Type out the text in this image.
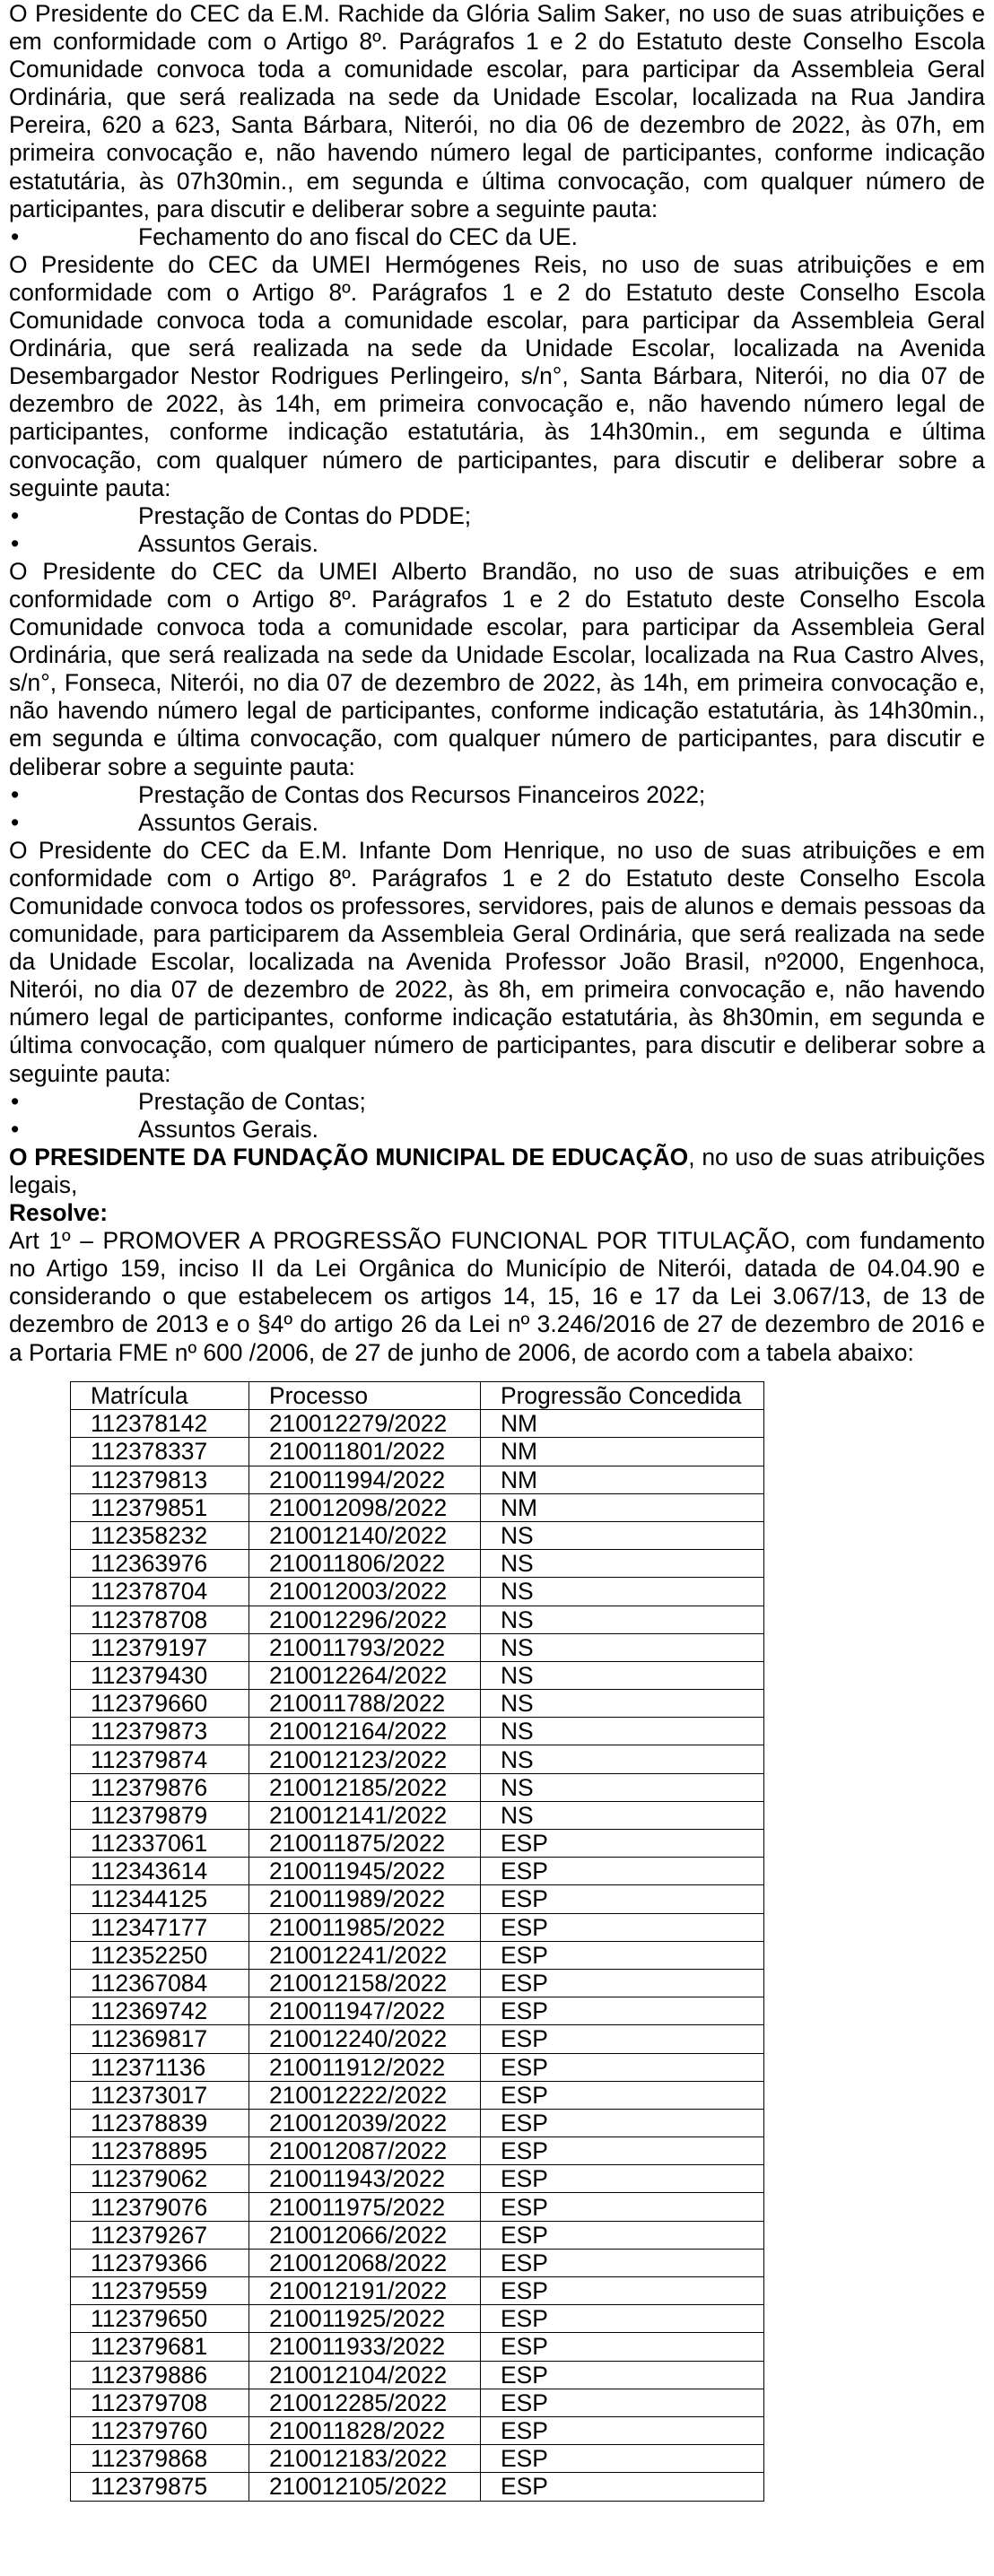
O Presidente do CEC da E.M. Rachide da Glória Salim Saker, no uso de suas atribuições e em conformidade com o Artigo 8º. Parágrafos 1 e 2 do Estatuto deste Conselho Escola Comunidade convoca toda a comunidade escolar, para participar da Assembleia Geral Ordinária, que será realizada na sede da Unidade Escolar, localizada na Rua Jandira Pereira, 620 a 623, Santa Bárbara, Niterói, no dia 06 de dezembro de 2022, às 07h, em primeira convocação e, não havendo número legal de participantes, conforme indicação estatutária, às 07h30min., em segunda e última convocação, com qualquer número de participantes, para discutir e deliberar sobre a seguinte pauta:

• Fechamento do ano fiscal do CEC da UE.

O Presidente do CEC da UMEI Hermógenes Reis, no uso de suas atribuições e em conformidade com o Artigo 8º. Parágrafos 1 e 2 do Estatuto deste Conselho Escola Comunidade convoca toda a comunidade escolar, para participar da Assembleia Geral Ordinária, que será realizada na sede da Unidade Escolar, localizada na Avenida Desembargador Nestor Rodrigues Perlingeiro, s/n°, Santa Bárbara, Niterói, no dia 07 de dezembro de 2022, às 14h, em primeira convocação e, não havendo número legal de participantes, conforme indicação estatutária, às 14h30min., em segunda e última convocação, com qualquer número de participantes, para discutir e deliberar sobre a seguinte pauta:

• Prestação de Contas do PDDE;
• Assuntos Gerais.

O Presidente do CEC da UMEI Alberto Brandão, no uso de suas atribuições e em conformidade com o Artigo 8º. Parágrafos 1 e 2 do Estatuto deste Conselho Escola Comunidade convoca toda a comunidade escolar, para participar da Assembleia Geral Ordinária, que será realizada na sede da Unidade Escolar, localizada na Rua Castro Alves, s/n°, Fonseca, Niterói, no dia 07 de dezembro de 2022, às 14h, em primeira convocação e, não havendo número legal de participantes, conforme indicação estatutária, às 14h30min., em segunda e última convocação, com qualquer número de participantes, para discutir e deliberar sobre a seguinte pauta:

• Prestação de Contas dos Recursos Financeiros 2022;
• Assuntos Gerais.

O Presidente do CEC da E.M. Infante Dom Henrique, no uso de suas atribuições e em conformidade com o Artigo 8º. Parágrafos 1 e 2 do Estatuto deste Conselho Escola Comunidade convoca todos os professores, servidores, pais de alunos e demais pessoas da comunidade, para participarem da Assembleia Geral Ordinária, que será realizada na sede da Unidade Escolar, localizada na Avenida Professor João Brasil, nº2000, Engenhoca, Niterói, no dia 07 de dezembro de 2022, às 8h, em primeira convocação e, não havendo número legal de participantes, conforme indicação estatutária, às 8h30min, em segunda e última convocação, com qualquer número de participantes, para discutir e deliberar sobre a seguinte pauta:

• Prestação de Contas;
• Assuntos Gerais.

O PRESIDENTE DA FUNDAÇÃO MUNICIPAL DE EDUCAÇÃO, no uso de suas atribuições legais,

Resolve:

Art 1º – PROMOVER A PROGRESSÃO FUNCIONAL POR TITULAÇÃO, com fundamento no Artigo 159, inciso II da Lei Orgânica do Município de Niterói, datada de 04.04.90 e considerando o que estabelecem os artigos 14, 15, 16 e 17 da Lei 3.067/13, de 13 de dezembro de 2013 e o §4º do artigo 26 da Lei nº 3.246/2016 de 27 de dezembro de 2016 e a Portaria FME nº 600 /2006, de 27 de junho de 2006, de acordo com a tabela abaixo:

Matrícula	Processo	Progressão Concedida
112378142	210012279/2022	NM
112378337	210011801/2022	NM
112379813	210011994/2022	NM
112379851	210012098/2022	NM
112358232	210012140/2022	NS
112363976	210011806/2022	NS
112378704	210012003/2022	NS
112378708	210012296/2022	NS
112379197	210011793/2022	NS
112379430	210012264/2022	NS
112379660	210011788/2022	NS
112379873	210012164/2022	NS
112379874	210012123/2022	NS
112379876	210012185/2022	NS
112379879	210012141/2022	NS
112337061	210011875/2022	ESP
112343614	210011945/2022	ESP
112344125	210011989/2022	ESP
112347177	210011985/2022	ESP
112352250	210012241/2022	ESP
112367084	210012158/2022	ESP
112369742	210011947/2022	ESP
112369817	210012240/2022	ESP
112371136	210011912/2022	ESP
112373017	210012222/2022	ESP
112378839	210012039/2022	ESP
112378895	210012087/2022	ESP
112379062	210011943/2022	ESP
112379076	210011975/2022	ESP
112379267	210012066/2022	ESP
112379366	210012068/2022	ESP
112379559	210012191/2022	ESP
112379650	210011925/2022	ESP
112379681	210011933/2022	ESP
112379886	210012104/2022	ESP
112379708	210012285/2022	ESP
112379760	210011828/2022	ESP
112379868	210012183/2022	ESP
112379875	210012105/2022	ESP
